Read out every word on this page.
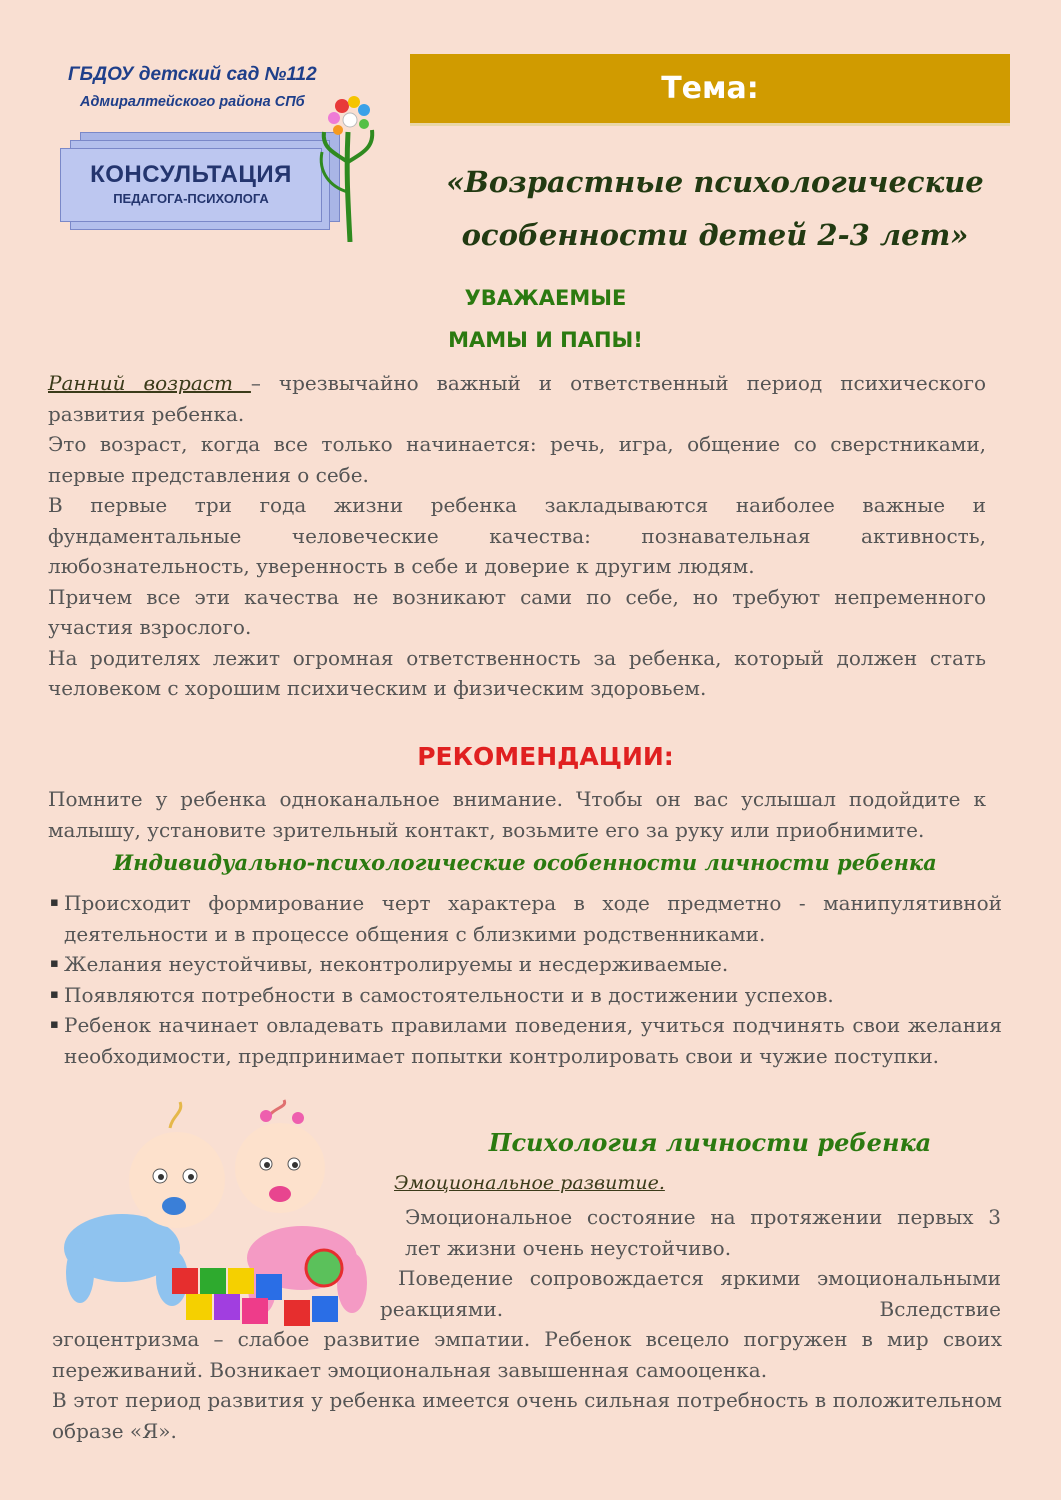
ГБДОУ детский сад №112
Адмиралтейского района СПб
КОНСУЛЬТАЦИЯ
ПЕДАГОГА-ПСИХОЛОГА
Тема:
«Возрастные психологические
особенности детей 2-3 лет»
УВАЖАЕМЫЕ
МАМЫ И ПАПЫ!
Ранний возраст – чрезвычайно важный и ответственный период психического развития ребенка.
Это возраст, когда все только начинается: речь, игра, общение со сверстниками, первые представления о себе.
В первые три года жизни ребенка закладываются наиболее важные и фундаментальные человеческие качества: познавательная активность, любознательность, уверенность в себе и доверие к другим людям.
Причем все эти качества не возникают сами по себе, но требуют непременного участия взрослого.
На родителях лежит огромная ответственность за ребенка, который должен стать человеком с хорошим психическим и физическим здоровьем.
РЕКОМЕНДАЦИИ:
Помните у ребенка одноканальное внимание. Чтобы он вас услышал подойдите к малышу, установите зрительный контакт, возьмите его за руку или приобнимите.
Индивидуально-психологические особенности личности ребенка
▪ Происходит формирование черт характера в ходе предметно - манипулятивной деятельности и в процессе общения с близкими родственниками.
▪ Желания неустойчивы, неконтролируемы и несдерживаемые.
▪ Появляются потребности в самостоятельности и в достижении успехов.
▪ Ребенок начинает овладевать правилами поведения, учиться подчинять свои желания необходимости, предпринимает попытки контролировать свои и чужие поступки.
Психология личности ребенка
Эмоциональное развитие.
Эмоциональное состояние на протяжении первых 3 лет жизни очень неустойчиво.
Поведение сопровождается яркими эмоциональными реакциями. Вследствие
эгоцентризма – слабое развитие эмпатии. Ребенок всецело погружен в мир своих переживаний. Возникает эмоциональная завышенная самооценка.
В этот период развития у ребенка имеется очень сильная потребность в положительном образе «Я».
